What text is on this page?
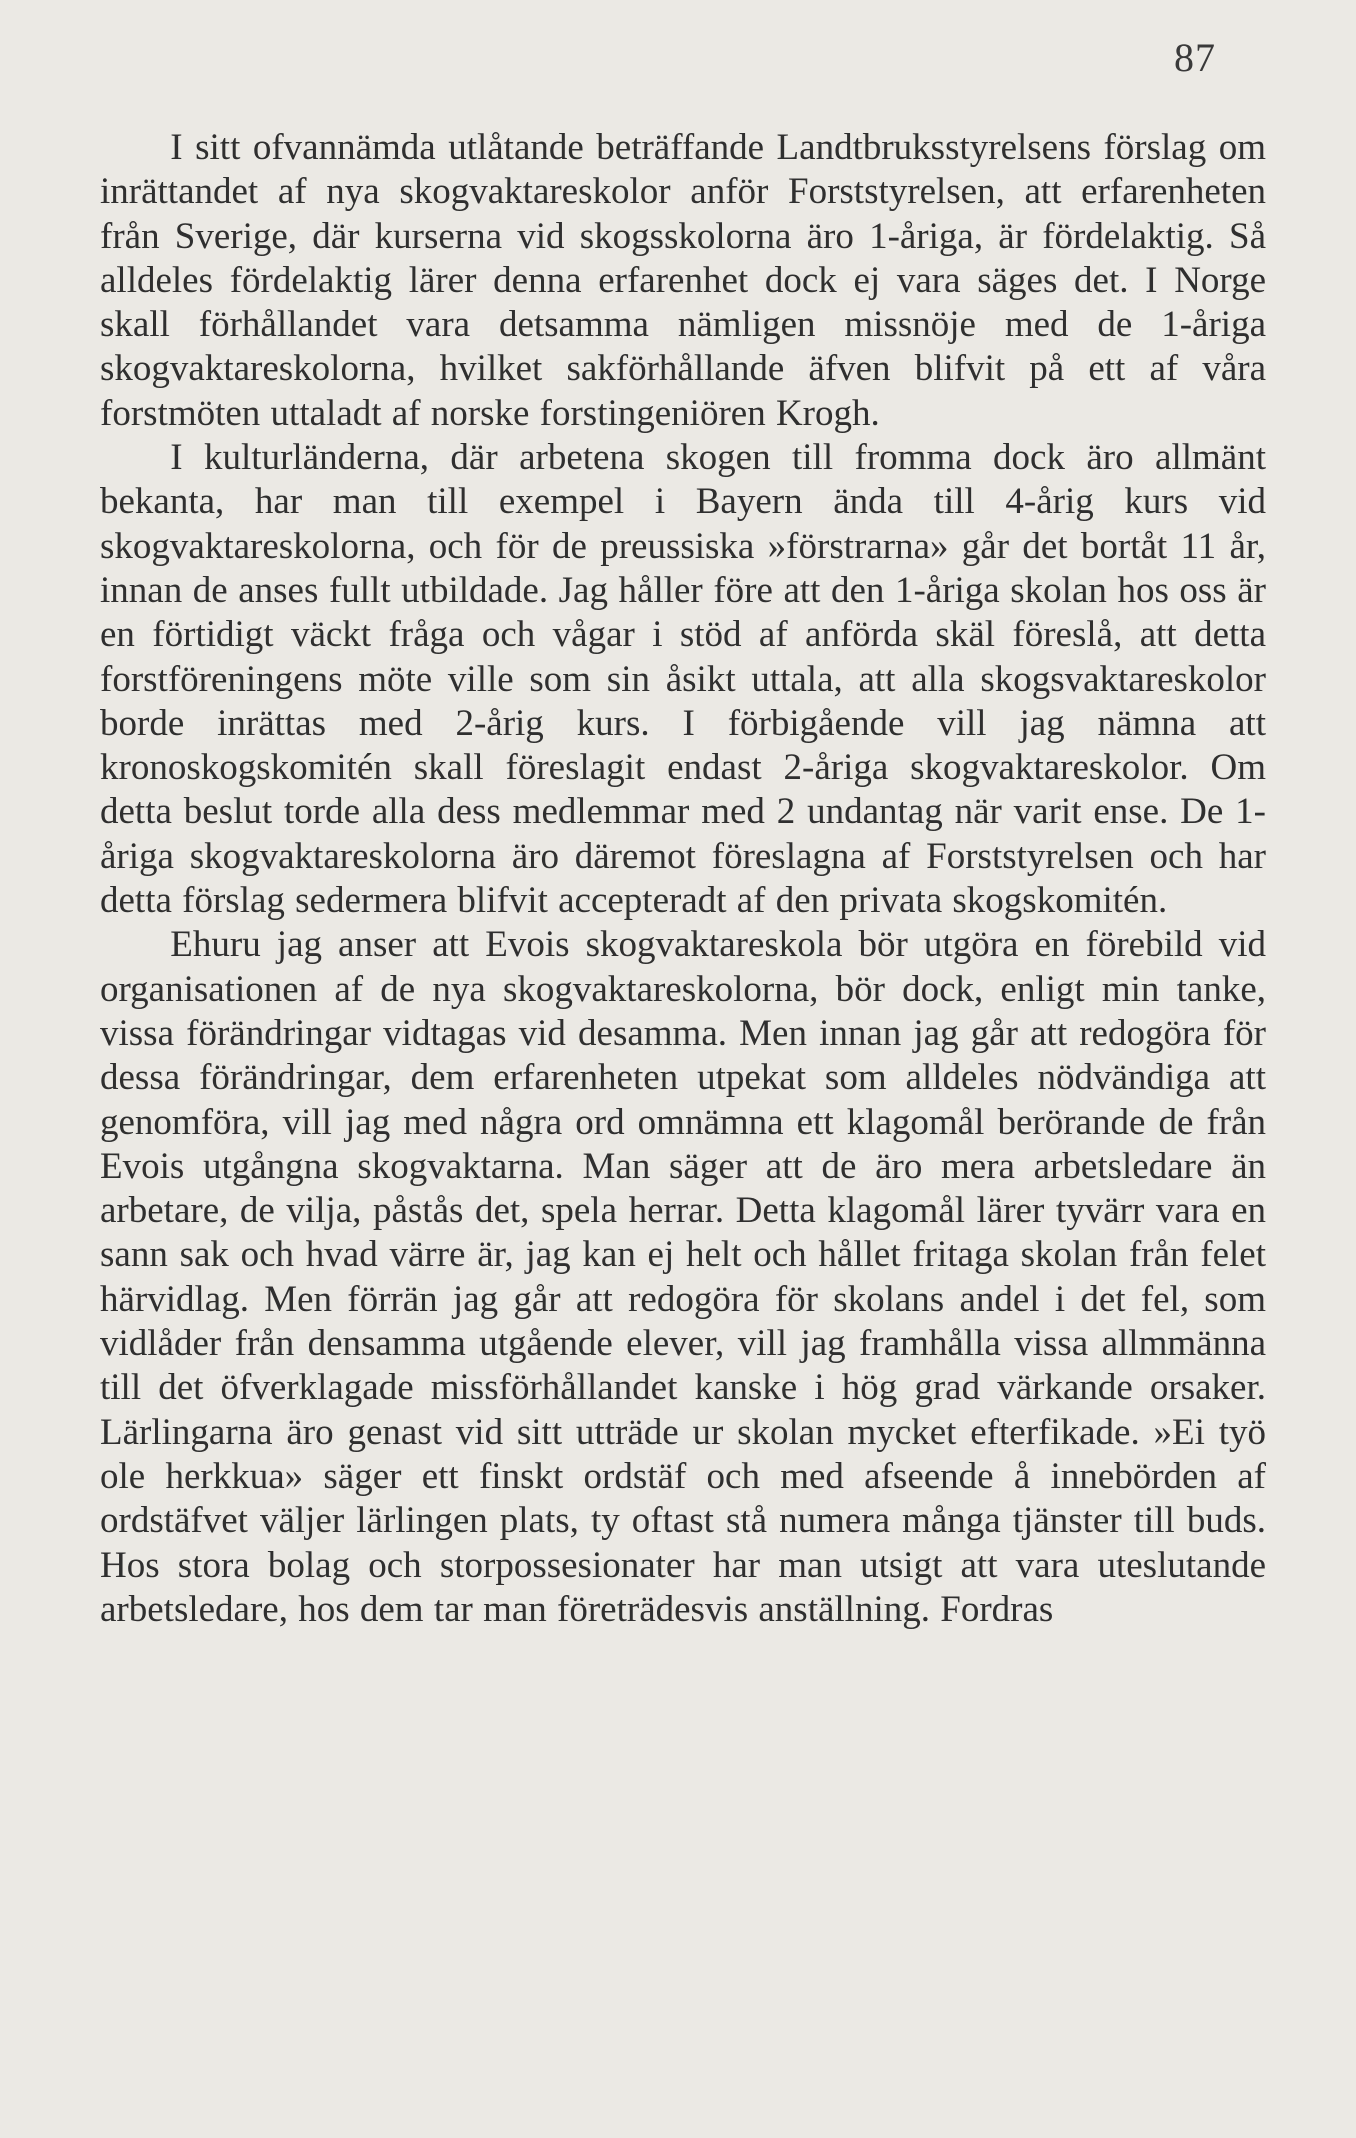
87

I sitt ofvannämda utlåtande beträffande Landtbruksstyrelsens förslag om inrättandet af nya skogvaktareskolor anför Forststyrelsen, att erfarenheten från Sverige, där kurserna vid skogsskolorna äro 1-åriga, är fördelaktig. Så alldeles fördelaktig lärer denna erfarenhet dock ej vara säges det. I Norge skall förhållandet vara detsamma nämligen missnöje med de 1-åriga skogvaktareskolorna, hvilket sakförhållande äfven blifvit på ett af våra forstmöten uttaladt af norske forstingeniören Krogh.

I kulturländerna, där arbetena skogen till fromma dock äro allmänt bekanta, har man till exempel i Bayern ända till 4-årig kurs vid skogvaktareskolorna, och för de preussiska »förstrarna» går det bortåt 11 år, innan de anses fullt utbildade. Jag håller före att den 1-åriga skolan hos oss är en förtidigt väckt fråga och vågar i stöd af anförda skäl föreslå, att detta forstföreningens möte ville som sin åsikt uttala, att alla skogsvaktareskolor borde inrättas med 2-årig kurs. I förbigående vill jag nämna att kronoskogskomitén skall föreslagit endast 2-åriga skogvaktareskolor. Om detta beslut torde alla dess medlemmar med 2 undantag när varit ense. De 1-åriga skogvaktareskolorna äro däremot föreslagna af Forststyrelsen och har detta förslag sedermera blifvit accepteradt af den privata skogskomitén.

Ehuru jag anser att Evois skogvaktareskola bör utgöra en förebild vid organisationen af de nya skogvaktareskolorna, bör dock, enligt min tanke, vissa förändringar vidtagas vid desamma. Men innan jag går att redogöra för dessa förändringar, dem erfarenheten utpekat som alldeles nödvändiga att genomföra, vill jag med några ord omnämna ett klagomål berörande de från Evois utgångna skogvaktarna. Man säger att de äro mera arbetsledare än arbetare, de vilja, påstås det, spela herrar. Detta klagomål lärer tyvärr vara en sann sak och hvad värre är, jag kan ej helt och hållet fritaga skolan från felet härvidlag. Men förrän jag går att redogöra för skolans andel i det fel, som vidlåder från densamma utgående elever, vill jag framhålla vissa allmmänna till det öfverklagade missförhållandet kanske i hög grad värkande orsaker. Lärlingarna äro genast vid sitt utträde ur skolan mycket efterfikade. »Ei työ ole herkkua» säger ett finskt ordstäf och med afseende å innebörden af ordstäfvet väljer lärlingen plats, ty oftast stå numera många tjänster till buds. Hos stora bolag och storpossesionater har man utsigt att vara uteslutande arbetsledare, hos dem tar man företrädesvis anställning. Fordras
